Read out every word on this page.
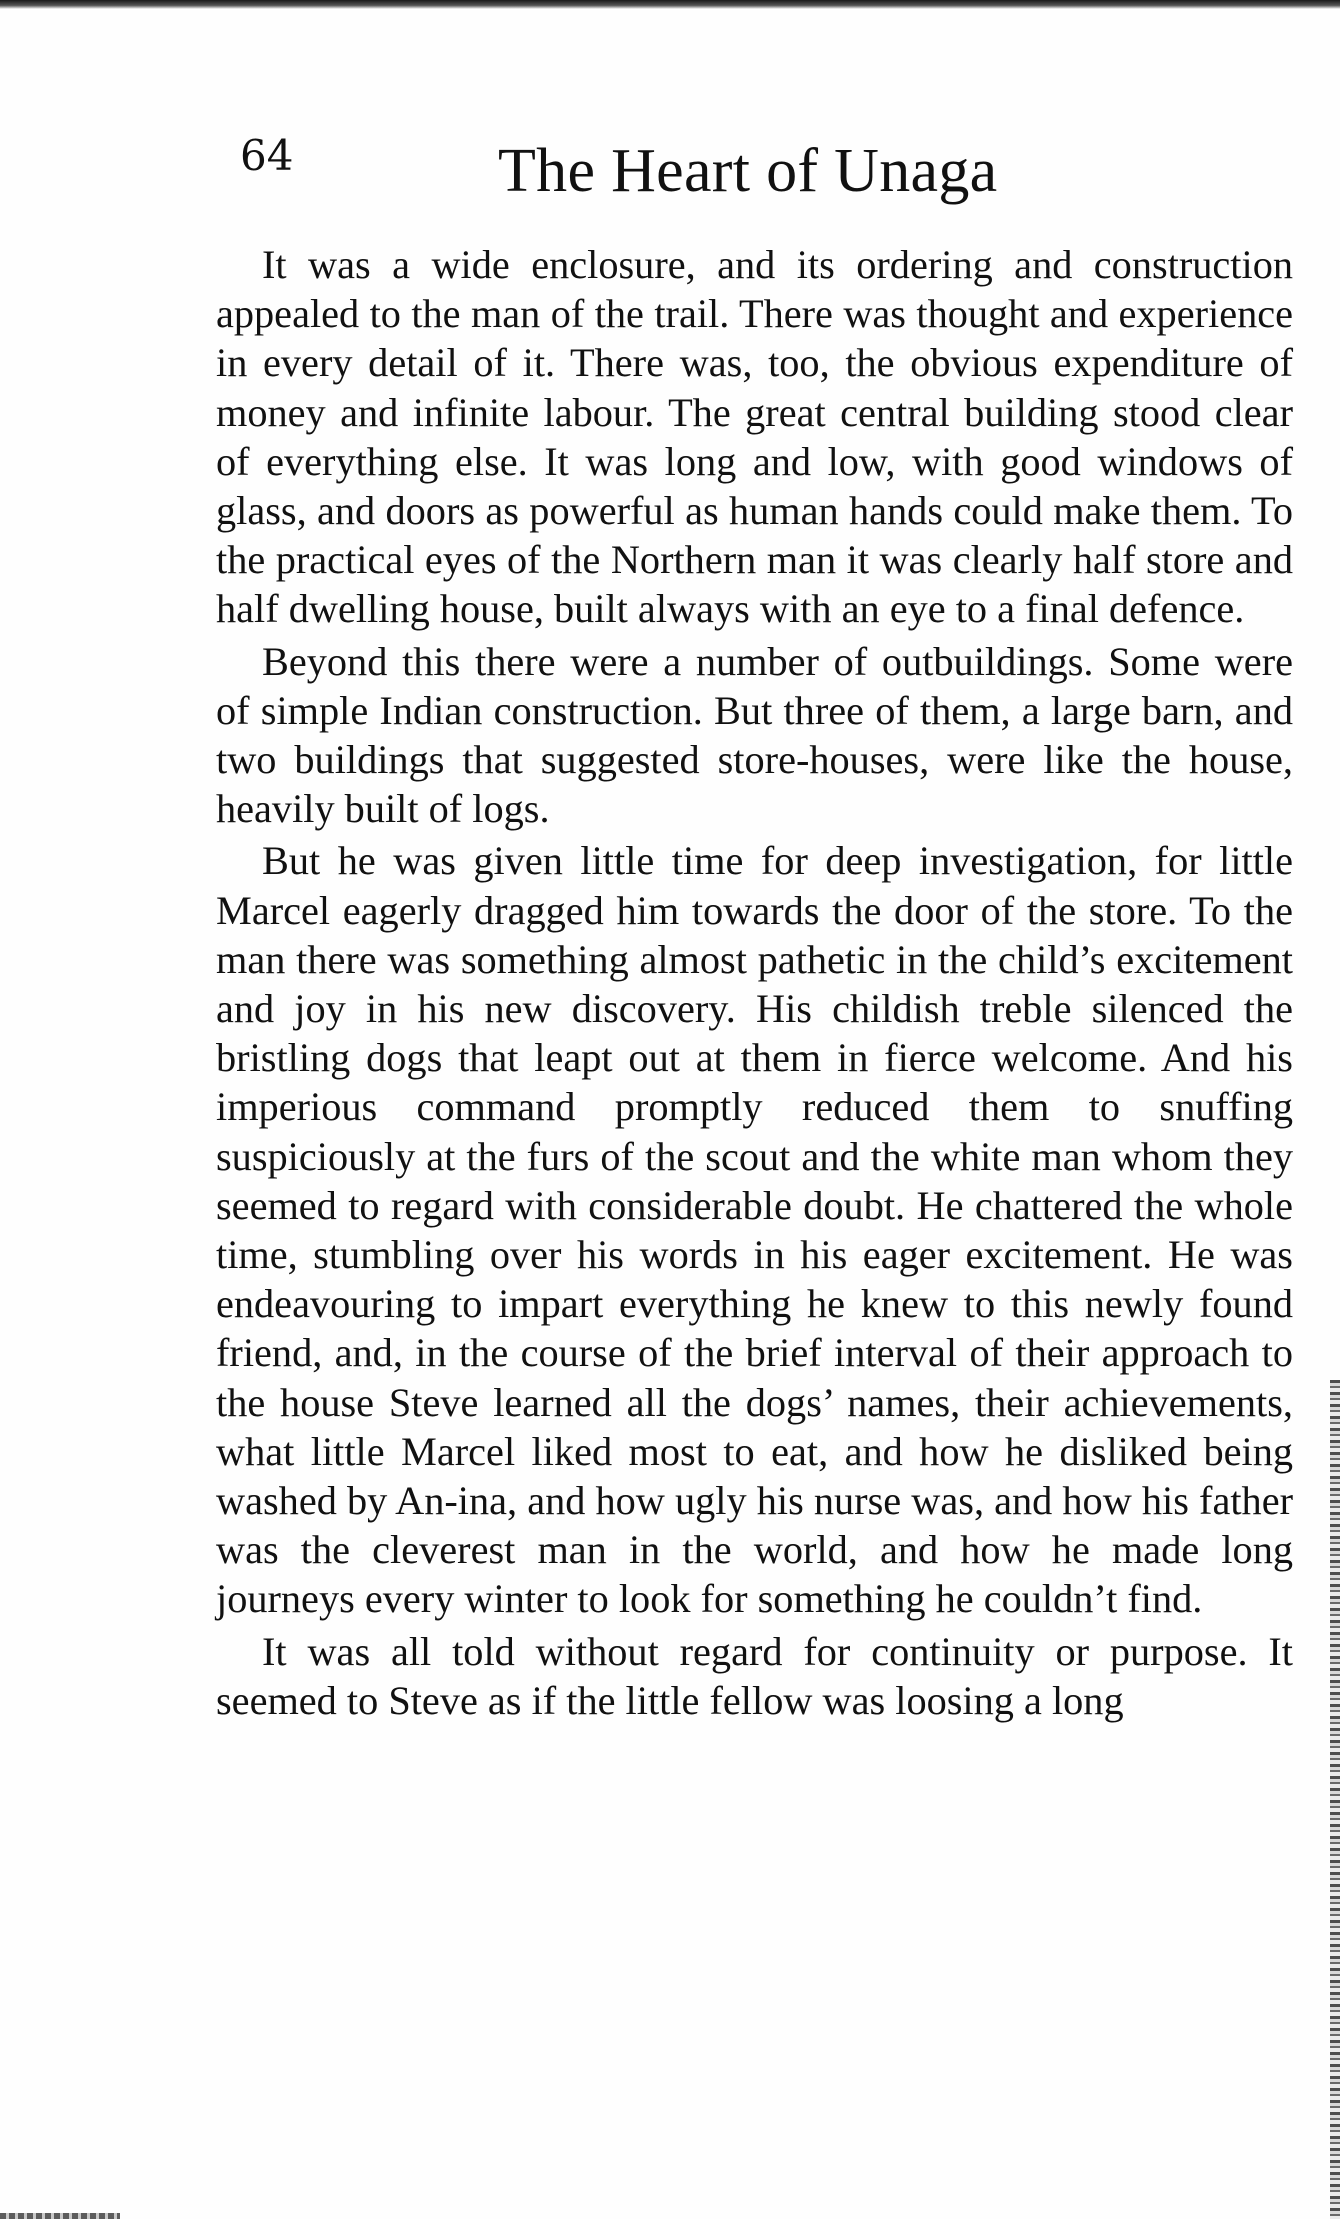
64	The Heart of Unaga

It was a wide enclosure, and its ordering and construction appealed to the man of the trail. There was thought and experience in every detail of it. There was, too, the obvious expenditure of money and infinite labour. The great central building stood clear of everything else. It was long and low, with good windows of glass, and doors as powerful as human hands could make them. To the practical eyes of the Northern man it was clearly half store and half dwelling house, built always with an eye to a final defence.

Beyond this there were a number of outbuildings. Some were of simple Indian construction. But three of them, a large barn, and two buildings that suggested store-houses, were like the house, heavily built of logs.

But he was given little time for deep investigation, for little Marcel eagerly dragged him towards the door of the store. To the man there was something almost pathetic in the child’s excitement and joy in his new discovery. His childish treble silenced the bristling dogs that leapt out at them in fierce welcome. And his imperious command promptly reduced them to snuffing suspiciously at the furs of the scout and the white man whom they seemed to regard with considerable doubt. He chattered the whole time, stumbling over his words in his eager excitement. He was endeavouring to impart everything he knew to this newly found friend, and, in the course of the brief interval of their approach to the house Steve learned all the dogs’ names, their achievements, what little Marcel liked most to eat, and how he disliked being washed by An-ina, and how ugly his nurse was, and how his father was the cleverest man in the world, and how he made long journeys every winter to look for something he couldn’t find.

It was all told without regard for continuity or purpose. It seemed to Steve as if the little fellow was loosing a long
